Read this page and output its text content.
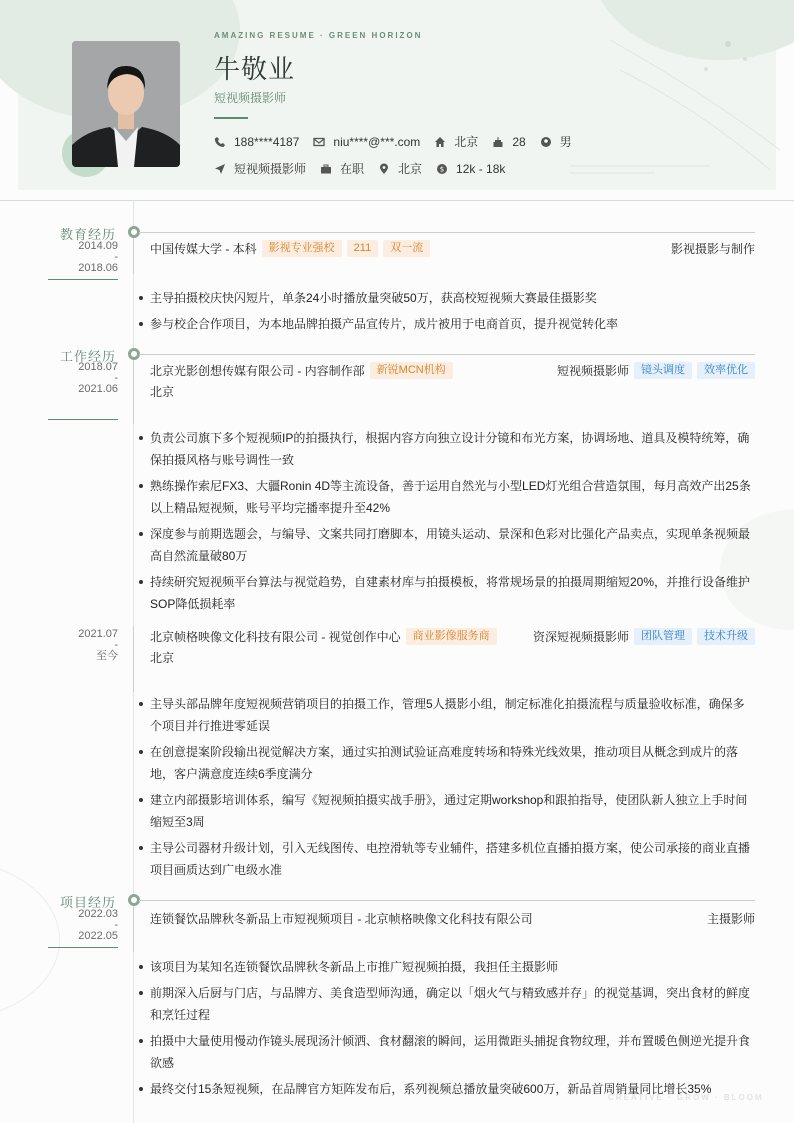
AMAZING RESUME · GREEN HORIZON
牛敬业
短视频摄影师
188****4187	niu****@***.com	北京	28	男
短视频摄影师	在职	北京	$ 12k - 18k
教育经历
2014.09
-
2018.06
中国传媒大学 - 本科	影视专业强校	211	双一流	影视摄影与制作
主导拍摄校庆快闪短片，单条24小时播放量突破50万，获高校短视频大赛最佳摄影奖
参与校企合作项目，为本地品牌拍摄产品宣传片，成片被用于电商首页，提升视觉转化率
工作经历
2018.07
-
2021.06
北京光影创想传媒有限公司 - 内容制作部	新锐MCN机构	短视频摄影师	镜头调度	效率优化
北京
负责公司旗下多个短视频IP的拍摄执行，根据内容方向独立设计分镜和布光方案，协调场地、道具及模特统筹，确保拍摄风格与账号调性一致
熟练操作索尼FX3、大疆Ronin 4D等主流设备，善于运用自然光与小型LED灯光组合营造氛围，每月高效产出25条以上精品短视频，账号平均完播率提升至42%
深度参与前期选题会，与编导、文案共同打磨脚本，用镜头运动、景深和色彩对比强化产品卖点，实现单条视频最高自然流量破80万
持续研究短视频平台算法与视觉趋势，自建素材库与拍摄模板，将常规场景的拍摄周期缩短20%，并推行设备维护SOP降低损耗率
2021.07
-
至今
北京帧格映像文化科技有限公司 - 视觉创作中心	商业影像服务商	资深短视频摄影师	团队管理	技术升级
北京
主导头部品牌年度短视频营销项目的拍摄工作，管理5人摄影小组，制定标准化拍摄流程与质量验收标准，确保多个项目并行推进零延误
在创意提案阶段输出视觉解决方案，通过实拍测试验证高难度转场和特殊光线效果，推动项目从概念到成片的落地，客户满意度连续6季度满分
建立内部摄影培训体系，编写《短视频拍摄实战手册》，通过定期workshop和跟拍指导，使团队新人独立上手时间缩短至3周
主导公司器材升级计划，引入无线图传、电控滑轨等专业辅件，搭建多机位直播拍摄方案，使公司承接的商业直播项目画质达到广电级水准
项目经历
2022.03
-
2022.05
连锁餐饮品牌秋冬新品上市短视频项目 - 北京帧格映像文化科技有限公司	主摄影师
该项目为某知名连锁餐饮品牌秋冬新品上市推广短视频拍摄，我担任主摄影师
前期深入后厨与门店，与品牌方、美食造型师沟通，确定以「烟火气与精致感并存」的视觉基调，突出食材的鲜度和烹饪过程
拍摄中大量使用慢动作镜头展现汤汁倾洒、食材翻滚的瞬间，运用微距头捕捉食物纹理，并布置暖色侧逆光提升食欲感
最终交付15条短视频，在品牌官方矩阵发布后，系列视频总播放量突破600万，新品首周销量同比增长35%
CREATIVE · GROW · BLOOM
